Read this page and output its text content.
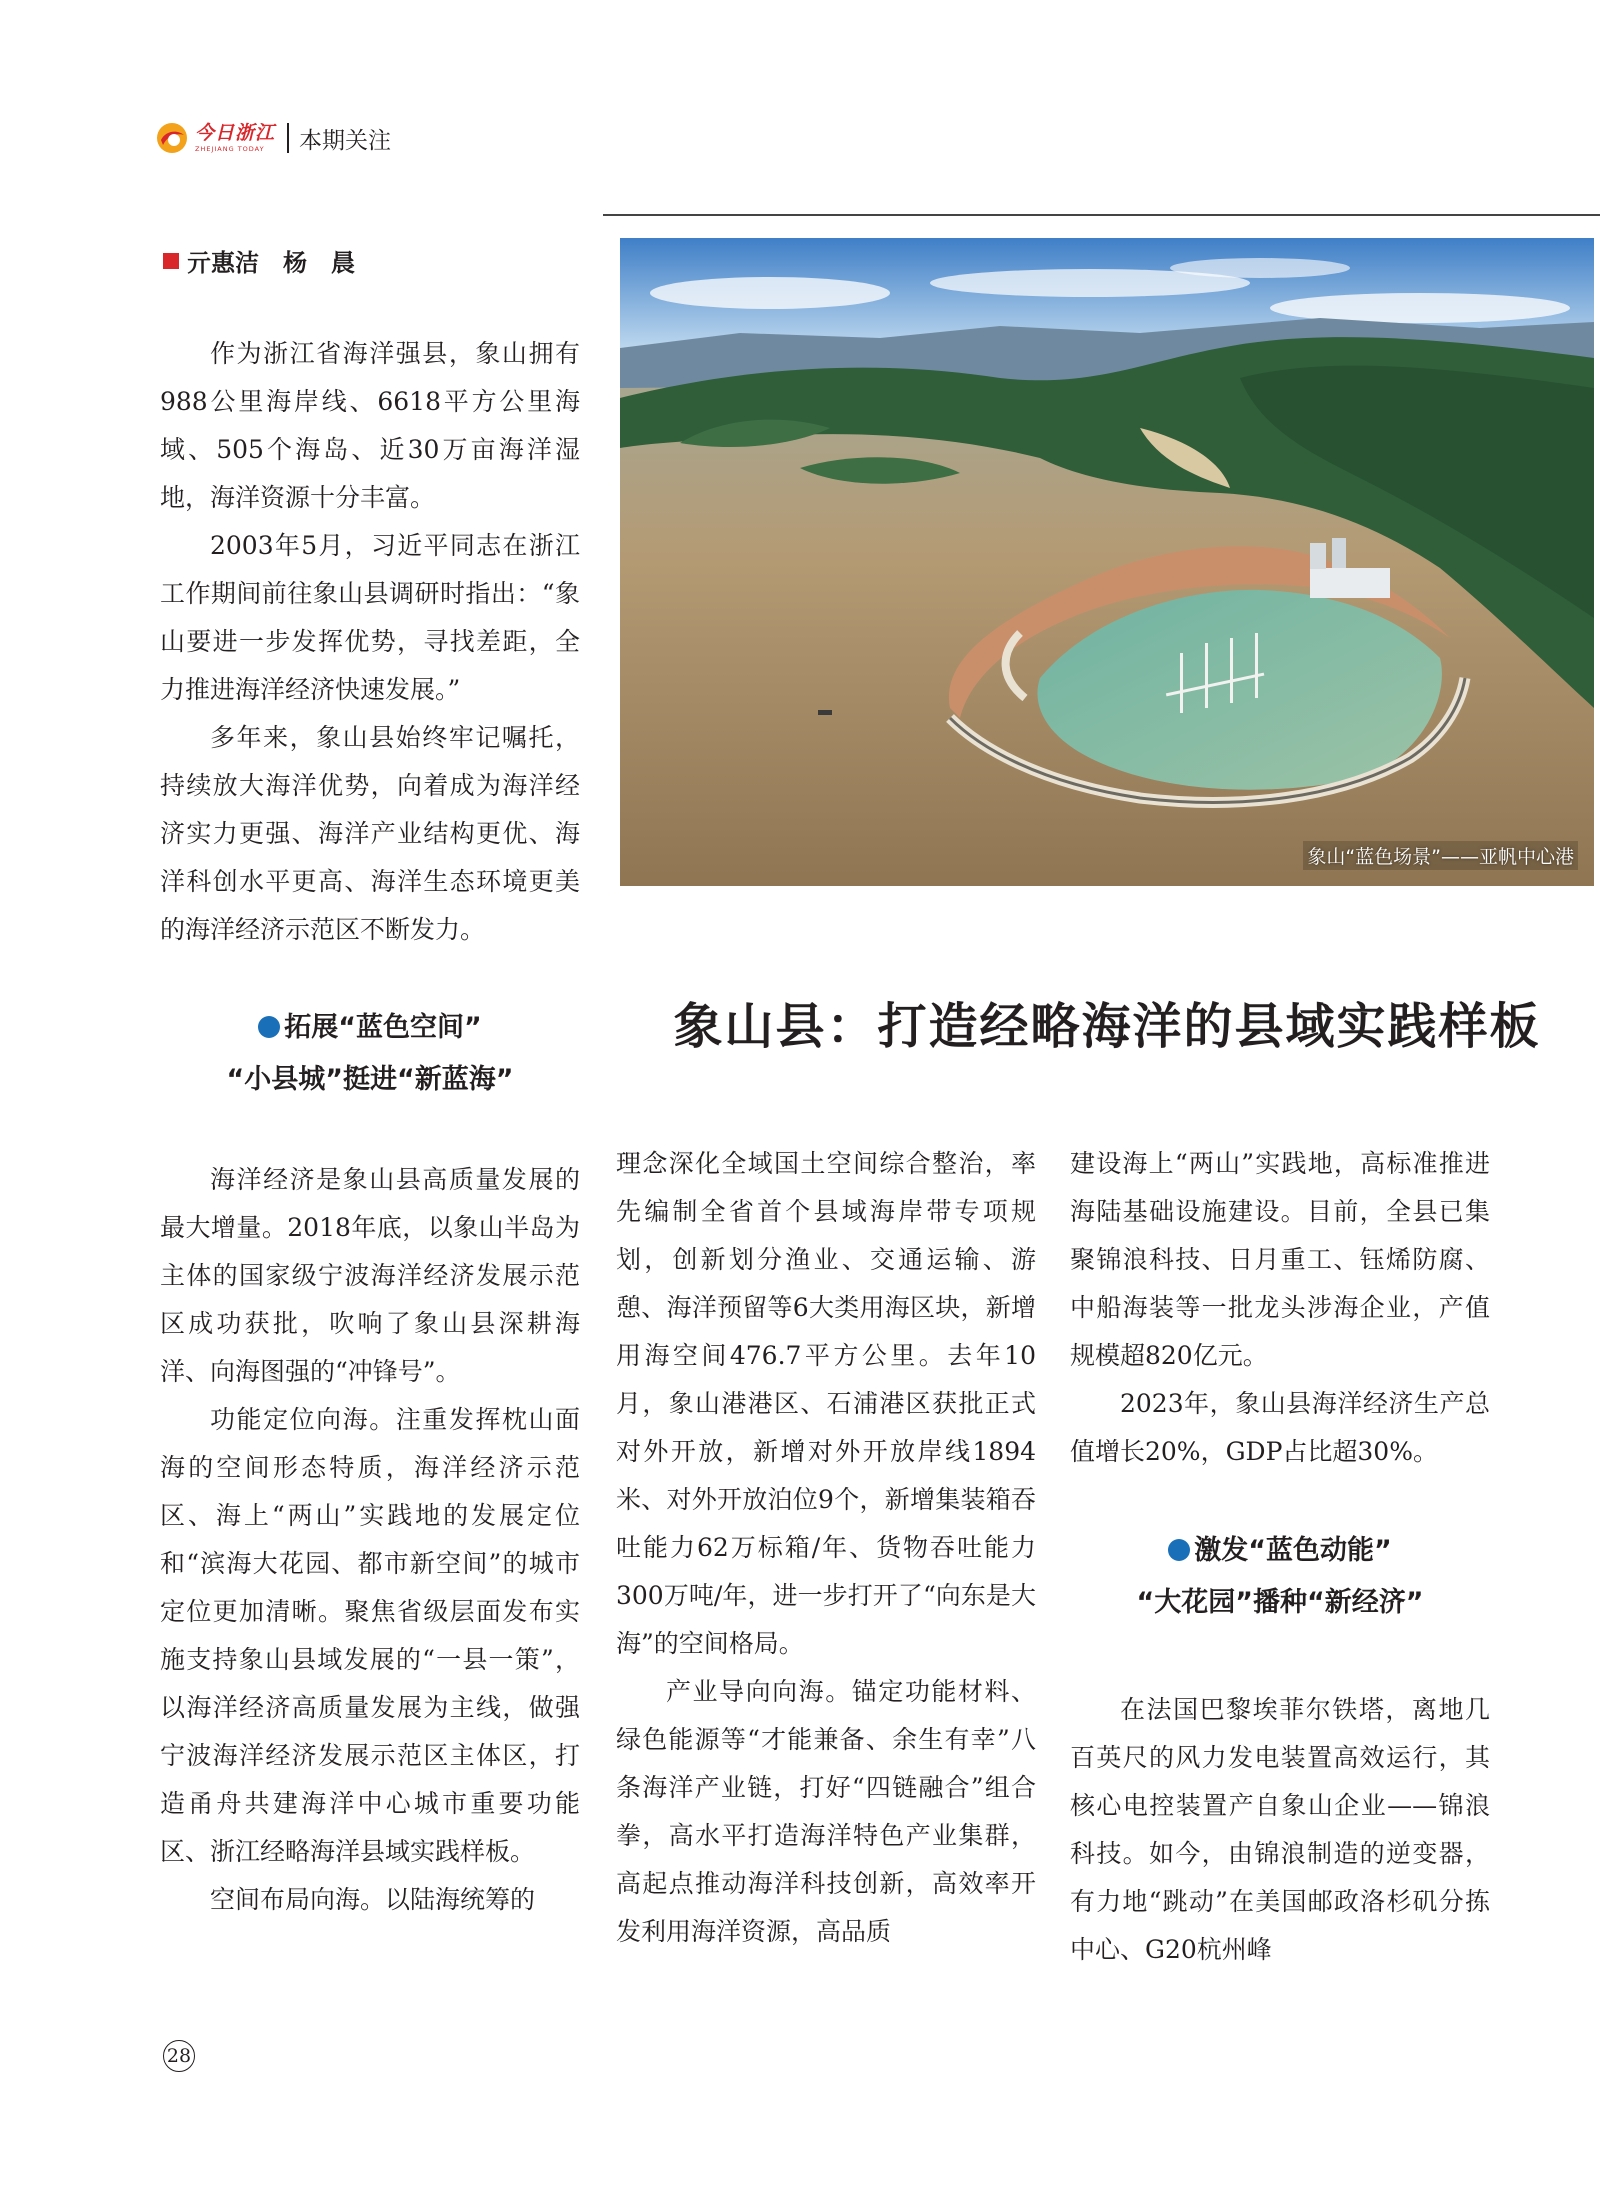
今日浙江
ZHEJIANG TODAY	本期关注
亓惠洁　杨　晨

作为浙江省海洋强县，象山拥有988公里海岸线、6618平方公里海域、505个海岛、近30万亩海洋湿地，海洋资源十分丰富。

2003年5月，习近平同志在浙江工作期间前往象山县调研时指出：“象山要进一步发挥优势，寻找差距，全力推进海洋经济快速发展。”

多年来，象山县始终牢记嘱托，持续放大海洋优势，向着成为海洋经济实力更强、海洋产业结构更优、海洋科创水平更高、海洋生态环境更美的海洋经济示范区不断发力。

象山“蓝色场景”——亚帆中心港
象山县：打造经略海洋的县域实践样板
拓展“蓝色空间”
“小县城”挺进“新蓝海”

海洋经济是象山县高质量发展的最大增量。2018年底，以象山半岛为主体的国家级宁波海洋经济发展示范区成功获批，吹响了象山县深耕海洋、向海图强的“冲锋号”。

功能定位向海。注重发挥枕山面海的空间形态特质，海洋经济示范区、海上“两山”实践地的发展定位和“滨海大花园、都市新空间”的城市定位更加清晰。聚焦省级层面发布实施支持象山县域发展的“一县一策”，以海洋经济高质量发展为主线，做强宁波海洋经济发展示范区主体区，打造甬舟共建海洋中心城市重要功能区、浙江经略海洋县域实践样板。

空间布局向海。以陆海统筹的

理念深化全域国土空间综合整治，率先编制全省首个县域海岸带专项规划，创新划分渔业、交通运输、游憩、海洋预留等6大类用海区块，新增用海空间476.7平方公里。去年10月，象山港港区、石浦港区获批正式对外开放，新增对外开放岸线1894米、对外开放泊位9个，新增集装箱吞吐能力62万标箱/年、货物吞吐能力300万吨/年，进一步打开了“向东是大海”的空间格局。

产业导向向海。锚定功能材料、绿色能源等“才能兼备、余生有幸”八条海洋产业链，打好“四链融合”组合拳，高水平打造海洋特色产业集群，高起点推动海洋科技创新，高效率开发利用海洋资源，高品质

建设海上“两山”实践地，高标准推进海陆基础设施建设。目前，全县已集聚锦浪科技、日月重工、钰烯防腐、中船海装等一批龙头涉海企业，产值规模超820亿元。

2023年，象山县海洋经济生产总值增长20%，GDP占比超30%。

激发“蓝色动能”
“大花园”播种“新经济”

在法国巴黎埃菲尔铁塔，离地几百英尺的风力发电装置高效运行，其核心电控装置产自象山企业——锦浪科技。如今，由锦浪制造的逆变器，有力地“跳动”在美国邮政洛杉矶分拣中心、G20杭州峰

28
